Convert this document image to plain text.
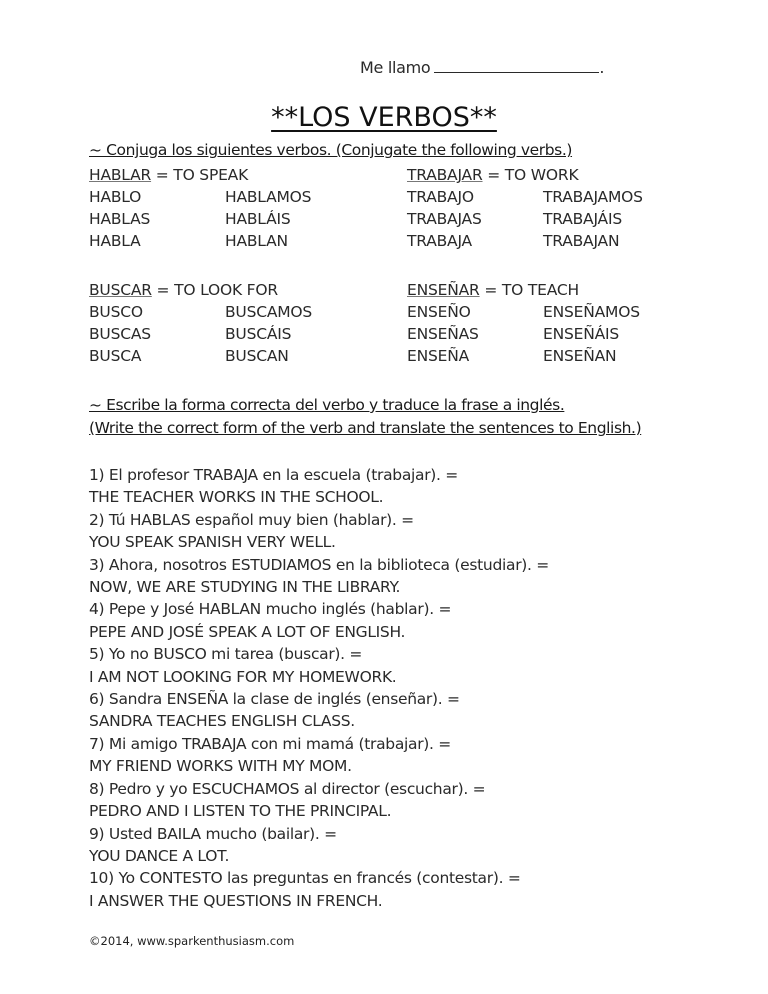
Me llamo	.
**LOS VERBOS**
~ Conjuga los siguientes verbos. (Conjugate the following verbs.)
HABLAR = TO SPEAK
HABLO	HABLAMOS
HABLAS	HABLÁIS
HABLA	HABLAN
TRABAJAR = TO WORK
TRABAJO	TRABAJAMOS
TRABAJAS	TRABAJÁIS
TRABAJA	TRABAJAN
BUSCAR = TO LOOK FOR
BUSCO	BUSCAMOS
BUSCAS	BUSCÁIS
BUSCA	BUSCAN
ENSEÑAR = TO TEACH
ENSEÑO	ENSEÑAMOS
ENSEÑAS	ENSEÑÁIS
ENSEÑA	ENSEÑAN
~ Escribe la forma correcta del verbo y traduce la frase a inglés.
(Write the correct form of the verb and translate the sentences to English.)
1) El profesor TRABAJA en la escuela (trabajar). =
THE TEACHER WORKS IN THE SCHOOL.
2) Tú HABLAS español muy bien (hablar). =
YOU SPEAK SPANISH VERY WELL.
3) Ahora, nosotros ESTUDIAMOS en la biblioteca (estudiar). =
NOW, WE ARE STUDYING IN THE LIBRARY.
4) Pepe y José HABLAN mucho inglés (hablar). =
PEPE AND JOSÉ SPEAK A LOT OF ENGLISH.
5) Yo no BUSCO mi tarea (buscar). =
I AM NOT LOOKING FOR MY HOMEWORK.
6) Sandra ENSEÑA la clase de inglés (enseñar). =
SANDRA TEACHES ENGLISH CLASS.
7) Mi amigo TRABAJA con mi mamá (trabajar). =
MY FRIEND WORKS WITH MY MOM.
8) Pedro y yo ESCUCHAMOS al director (escuchar). =
PEDRO AND I LISTEN TO THE PRINCIPAL.
9) Usted BAILA mucho (bailar). =
YOU DANCE A LOT.
10) Yo CONTESTO las preguntas en francés (contestar). =
I ANSWER THE QUESTIONS IN FRENCH.
©2014, www.sparkenthusiasm.com
